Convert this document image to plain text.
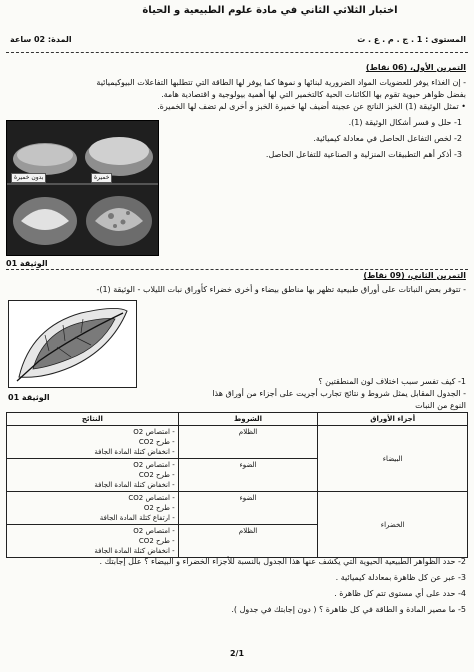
اختبار الثلاثي الثاني في مادة علوم الطبيعية و الحياة
المدة: 02 ساعة	المستوى : 1 . ج . م . ع . ت
التمرين الأول، (06 نقاط)
- إن الغذاء يوفر للعضويات المواد الضرورية لبنائها و نموها كما يوفر لها الطاقة التي تتطلبها التفاعلات البيوكيميائية
بفضل ظواهر حيوية تقوم بها الكائنات الحية كالتخمير التي لها أهمية بيولوجية و اقتصادية هامة.
• تمثل الوثيقة (1) الخبز الناتج عن عجينة أضيف لها خميرة الخبز و أخرى لم تضف لها الخميرة.
1- حلل و فسر أشكال الوثيقة (1).
2- لخص التفاعل الحاصل في معادلة كيميائية.
3- أذكر أهم التطبيقات المنزلية و الصناعية للتفاعل الحاصل.
بدون خميرة	خميرة
الوثيقة 01
التمرين الثاني، (09 نقاط)
- تتوفر بعض النباتات على أوراق طبيعية تظهر بها مناطق بيضاء و أخرى خضراء كأوراق نبات الليلاب - الوثيقة (1)-
الوثيقة 01
1- كيف تفسر سبب اختلاف لون المنطقتين ؟
- الجدول المقابل يمثل شروط و نتائج تجارب أجريت على أجزاء من أوراق هذا
النوع من النبات
أجزاء الأوراق	الشروط	النتائج
البيضاء	الظلام	- امتصاص O2
- طرح CO2
- انخفاض كتلة المادة الجافة

	الضوء	- امتصاص O2
- طرح CO2
- انخفاض كتلة المادة الجافة

الخضراء	الضوء	- امتصاص CO2
- طرح O2
- ارتفاع كتلة المادة الجافة

	الظلام	- امتصاص O2
- طرح CO2
- انخفاض كتلة المادة الجافة
2- حدد الظواهر الطبيعية الحيوية التي يكشف عنها هذا الجدول بالنسبة للأجزاء الخضراء و البيضاء ؟ علل إجابتك .
3- عبر عن كل ظاهرة بمعادلة كيميائية .
4- حدد على أي مستوى تتم كل ظاهرة .
5- ما مصير المادة و الطاقة في كل ظاهرة ؟ ( دون إجابتك في جدول ).
2/1
